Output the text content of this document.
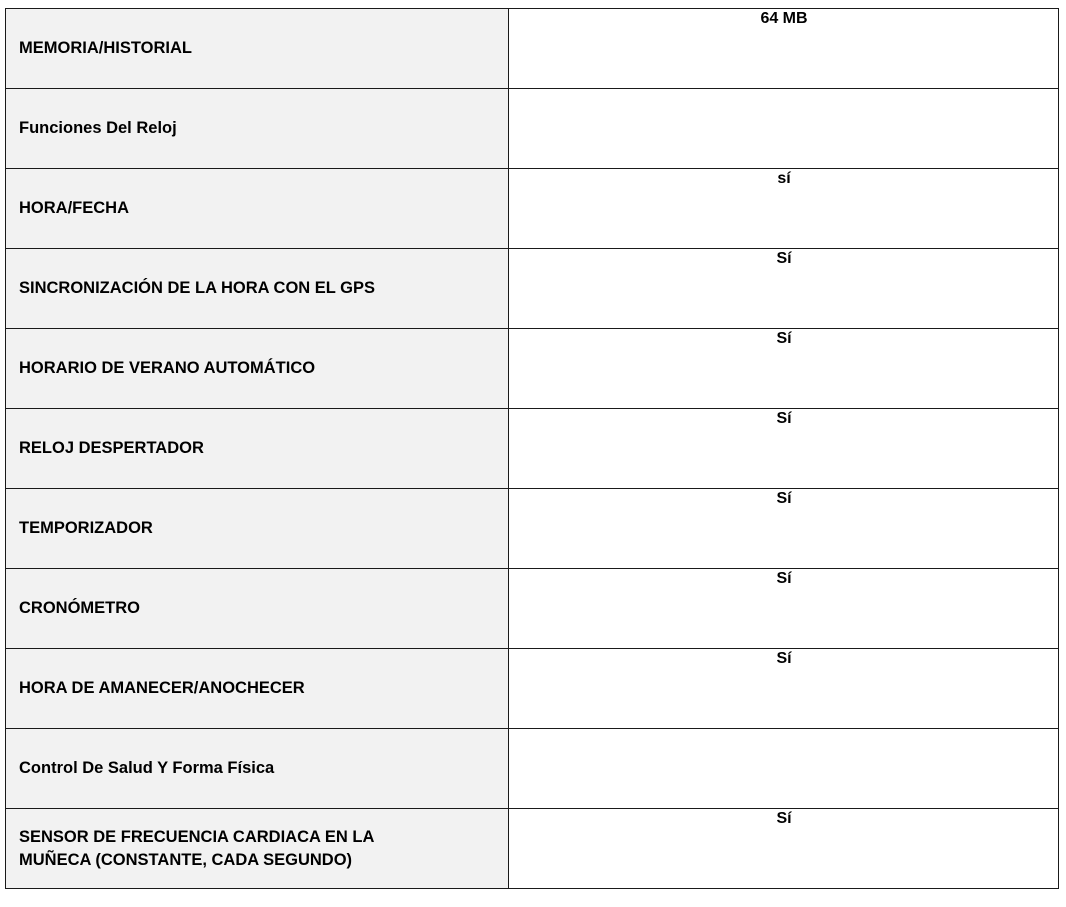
MEMORIA/HISTORIAL	64 MB
Funciones Del Reloj	
HORA/FECHA	sí
SINCRONIZACIÓN DE LA HORA CON EL GPS	Sí
HORARIO DE VERANO AUTOMÁTICO	Sí
RELOJ DESPERTADOR	Sí
TEMPORIZADOR	Sí
CRONÓMETRO	Sí
HORA DE AMANECER/ANOCHECER	Sí
Control De Salud Y Forma Física	
SENSOR DE FRECUENCIA CARDIACA EN LA MUÑECA (CONSTANTE, CADA SEGUNDO)	Sí
